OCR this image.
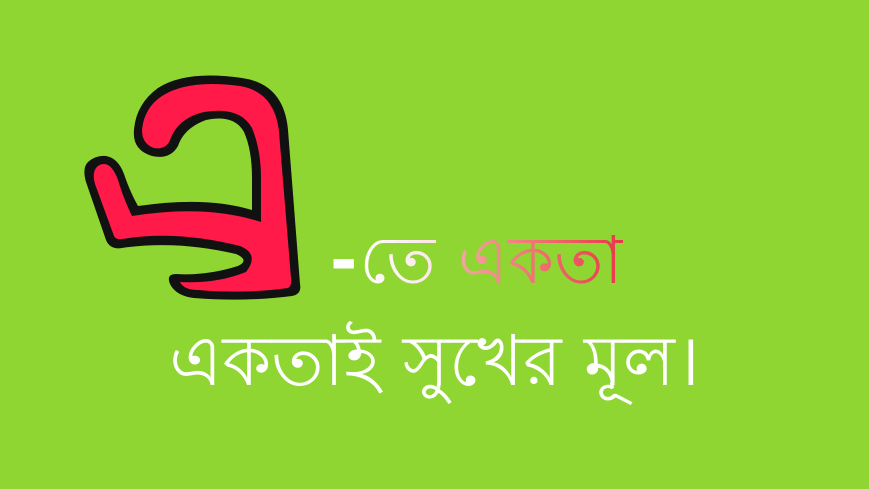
- তে একতা
একতাই সুখের মূল।
